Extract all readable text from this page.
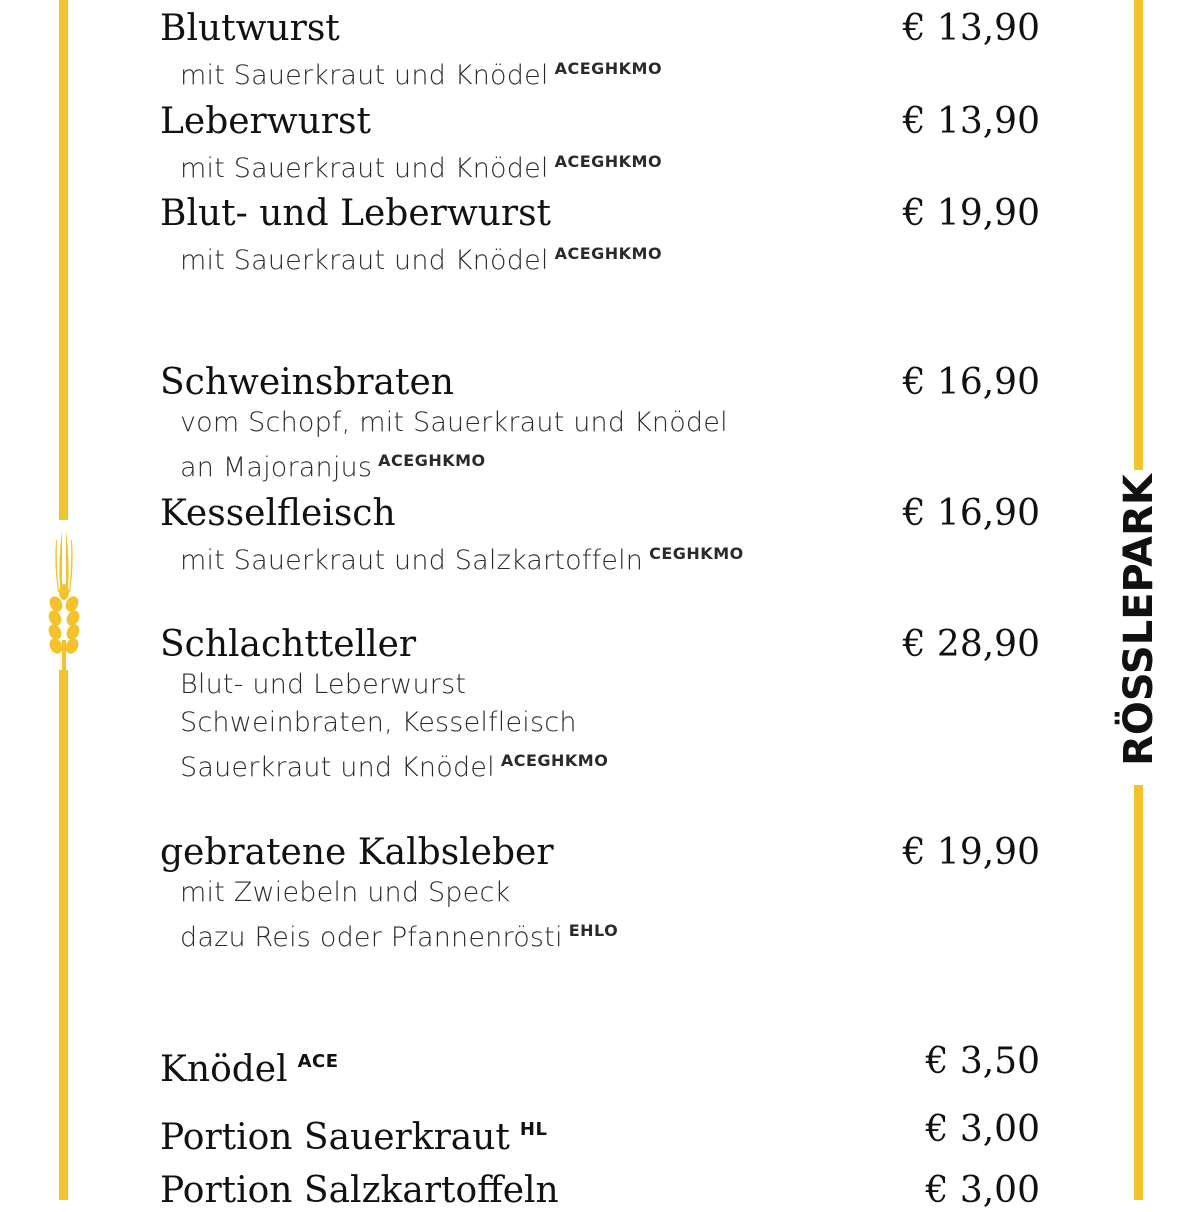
RÖSSLEPARK
Blutwurst	€ 13,90
mit Sauerkraut und Knödel $^{ACEGHKMO}$
Leberwurst	€ 13,90
mit Sauerkraut und Knödel $^{ACEGHKMO}$
Blut- und Leberwurst	€ 19,90
mit Sauerkraut und Knödel $^{ACEGHKMO}$
Schweinsbraten	€ 16,90
vom Schopf, mit Sauerkraut und Knödel
an Majoranjus $^{ACEGHKMO}$
Kesselfleisch	€ 16,90
mit Sauerkraut und Salzkartoffeln $^{CEGHKMO}$
Schlachtteller	€ 28,90
Blut- und Leberwurst
Schweinbraten, Kesselfleisch
Sauerkraut und Knödel $^{ACEGHKMO}$
gebratene Kalbsleber	€ 19,90
mit Zwiebeln und Speck
dazu Reis oder Pfannenrösti $^{EHLO}$
Knödel $^{ACE}$	€ 3,50
Portion Sauerkraut $^{HL}$	€ 3,00
Portion Salzkartoffeln	€ 3,00
